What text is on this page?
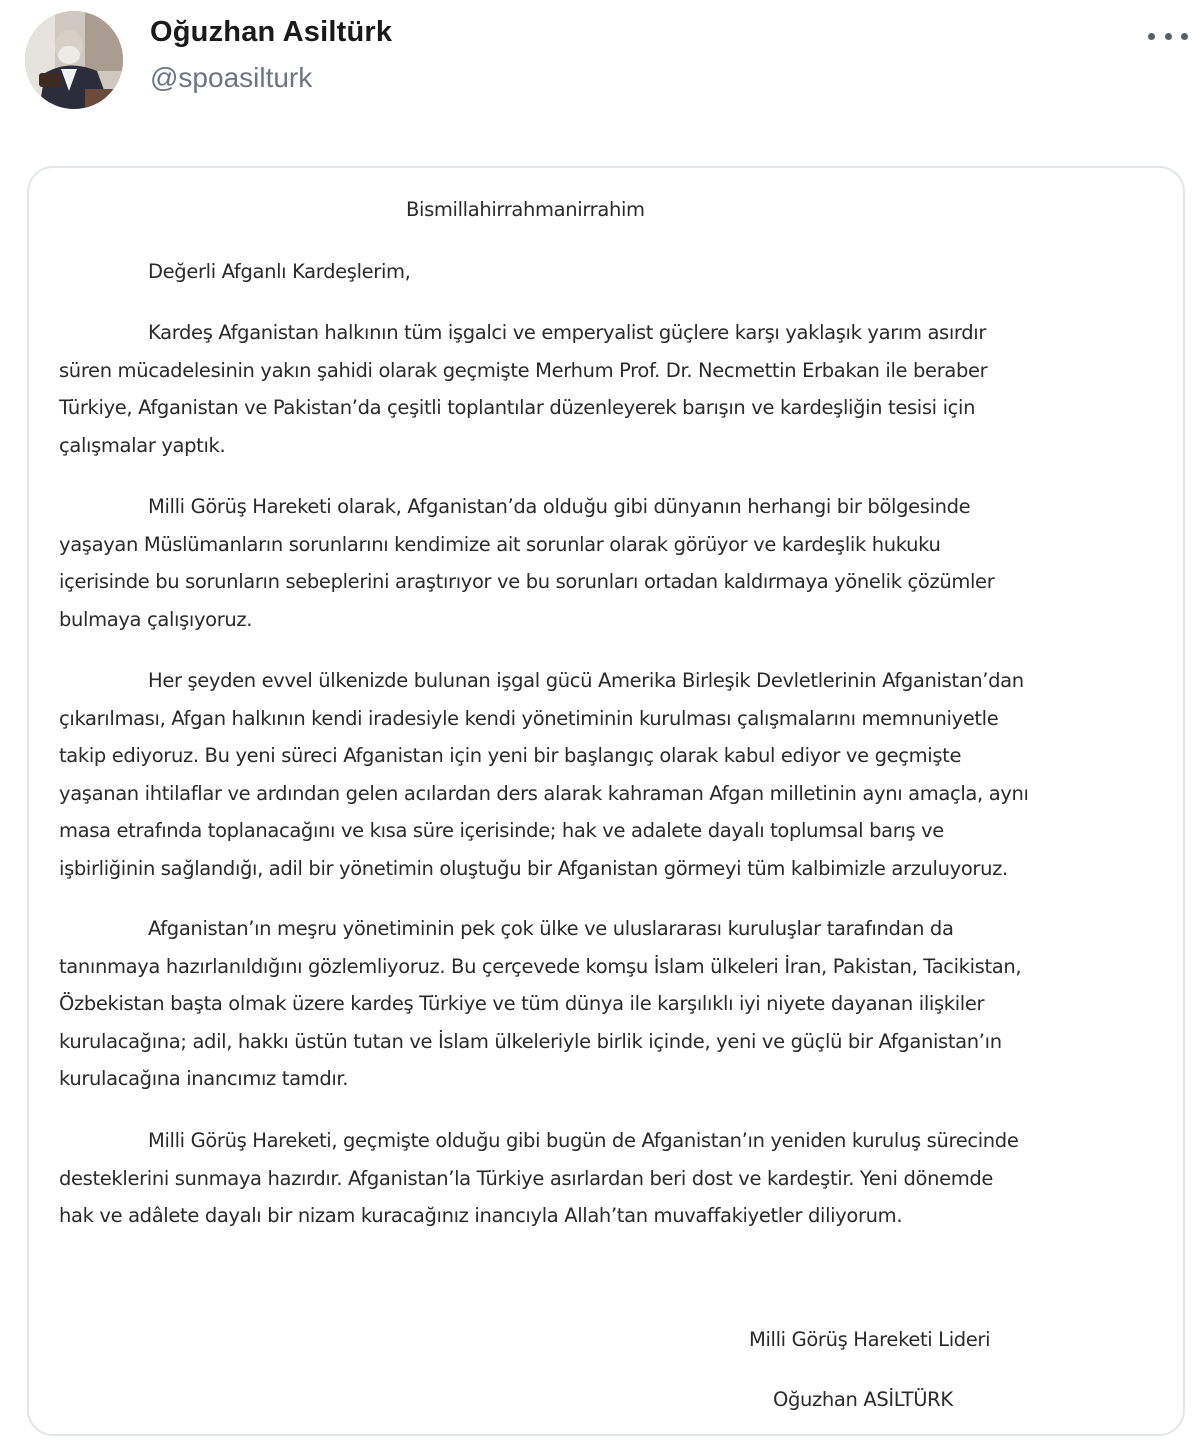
Oğuzhan Asiltürk
@spoasilturk
Bismillahirrahmanirrahim
Değerli Afganlı Kardeşlerim,

Kardeş Afganistan halkının tüm işgalci ve emperyalist güçlere karşı yaklaşık yarım asırdır
süren mücadelesinin yakın şahidi olarak geçmişte Merhum Prof. Dr. Necmettin Erbakan ile beraber
Türkiye, Afganistan ve Pakistan’da çeşitli toplantılar düzenleyerek barışın ve kardeşliğin tesisi için
çalışmalar yaptık.

Milli Görüş Hareketi olarak, Afganistan’da olduğu gibi dünyanın herhangi bir bölgesinde
yaşayan Müslümanların sorunlarını kendimize ait sorunlar olarak görüyor ve kardeşlik hukuku
içerisinde bu sorunların sebeplerini araştırıyor ve bu sorunları ortadan kaldırmaya yönelik çözümler
bulmaya çalışıyoruz.

Her şeyden evvel ülkenizde bulunan işgal gücü Amerika Birleşik Devletlerinin Afganistan’dan
çıkarılması, Afgan halkının kendi iradesiyle kendi yönetiminin kurulması çalışmalarını memnuniyetle
takip ediyoruz. Bu yeni süreci Afganistan için yeni bir başlangıç olarak kabul ediyor ve geçmişte
yaşanan ihtilaflar ve ardından gelen acılardan ders alarak kahraman Afgan milletinin aynı amaçla, aynı
masa etrafında toplanacağını ve kısa süre içerisinde; hak ve adalete dayalı toplumsal barış ve
işbirliğinin sağlandığı, adil bir yönetimin oluştuğu bir Afganistan görmeyi tüm kalbimizle arzuluyoruz.

Afganistan’ın meşru yönetiminin pek çok ülke ve uluslararası kuruluşlar tarafından da
tanınmaya hazırlanıldığını gözlemliyoruz. Bu çerçevede komşu İslam ülkeleri İran, Pakistan, Tacikistan,
Özbekistan başta olmak üzere kardeş Türkiye ve tüm dünya ile karşılıklı iyi niyete dayanan ilişkiler
kurulacağına; adil, hakkı üstün tutan ve İslam ülkeleriyle birlik içinde, yeni ve güçlü bir Afganistan’ın
kurulacağına inancımız tamdır.

Milli Görüş Hareketi, geçmişte olduğu gibi bugün de Afganistan’ın yeniden kuruluş sürecinde
desteklerini sunmaya hazırdır. Afganistan’la Türkiye asırlardan beri dost ve kardeştir. Yeni dönemde
hak ve adâlete dayalı bir nizam kuracağınız inancıyla Allah’tan muvaffakiyetler diliyorum.

Milli Görüş Hareketi Lideri
Oğuzhan ASİLTÜRK
